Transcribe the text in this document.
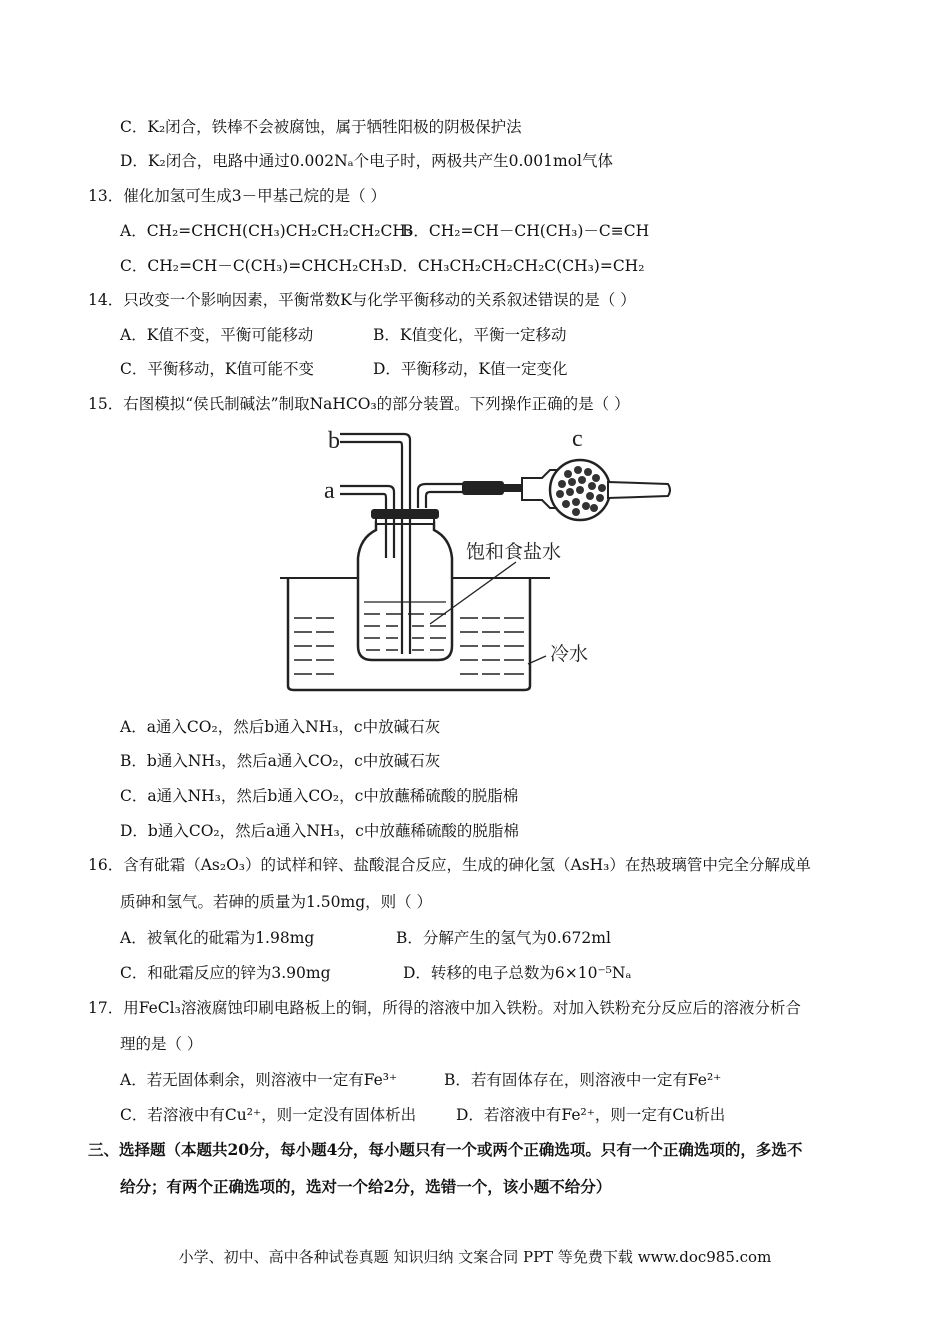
C．K₂闭合，铁棒不会被腐蚀，属于牺牲阳极的阴极保护法
D．K₂闭合，电路中通过0.002Nₐ个电子时，两极共产生0.001mol气体
13．催化加氢可生成3－甲基己烷的是（ ）
A．CH₂=CHCH(CH₃)CH₂CH₂CH₂CH₃
B．CH₂=CH－CH(CH₃)－C≡CH
C．CH₂=CH－C(CH₃)=CHCH₂CH₃ D．CH₃CH₂CH₂CH₂C(CH₃)=CH₂
14．只改变一个影响因素，平衡常数K与化学平衡移动的关系叙述错误的是（ ）
A．K值不变，平衡可能移动	B．K值变化，平衡一定移动
C．平衡移动，K值可能不变	D．平衡移动，K值一定变化
15．右图模拟“侯氏制碱法”制取NaHCO₃的部分装置。下列操作正确的是（ ）
b
a
c
饱和食盐水
冷水
A．a通入CO₂，然后b通入NH₃，c中放碱石灰
B．b通入NH₃，然后a通入CO₂，c中放碱石灰
C．a通入NH₃，然后b通入CO₂，c中放蘸稀硫酸的脱脂棉
D．b通入CO₂，然后a通入NH₃，c中放蘸稀硫酸的脱脂棉
16．含有砒霜（As₂O₃）的试样和锌、盐酸混合反应，生成的砷化氢（AsH₃）在热玻璃管中完全分解成单
质砷和氢气。若砷的质量为1.50mg，则（ ）
A．被氧化的砒霜为1.98mg	B．分解产生的氢气为0.672ml
C．和砒霜反应的锌为3.90mg	D．转移的电子总数为6×10⁻⁵Nₐ
17．用FeCl₃溶液腐蚀印刷电路板上的铜，所得的溶液中加入铁粉。对加入铁粉充分反应后的溶液分析合
理的是（ ）
A．若无固体剩余，则溶液中一定有Fe³⁺	B．若有固体存在，则溶液中一定有Fe²⁺
C．若溶液中有Cu²⁺，则一定没有固体析出	D．若溶液中有Fe²⁺，则一定有Cu析出
三、选择题（本题共20分，每小题4分，每小题只有一个或两个正确选项。只有一个正确选项的，多选不
给分；有两个正确选项的，选对一个给2分，选错一个，该小题不给分）
小学、初中、高中各种试卷真题 知识归纳 文案合同 PPT 等免费下载 www.doc985.com
